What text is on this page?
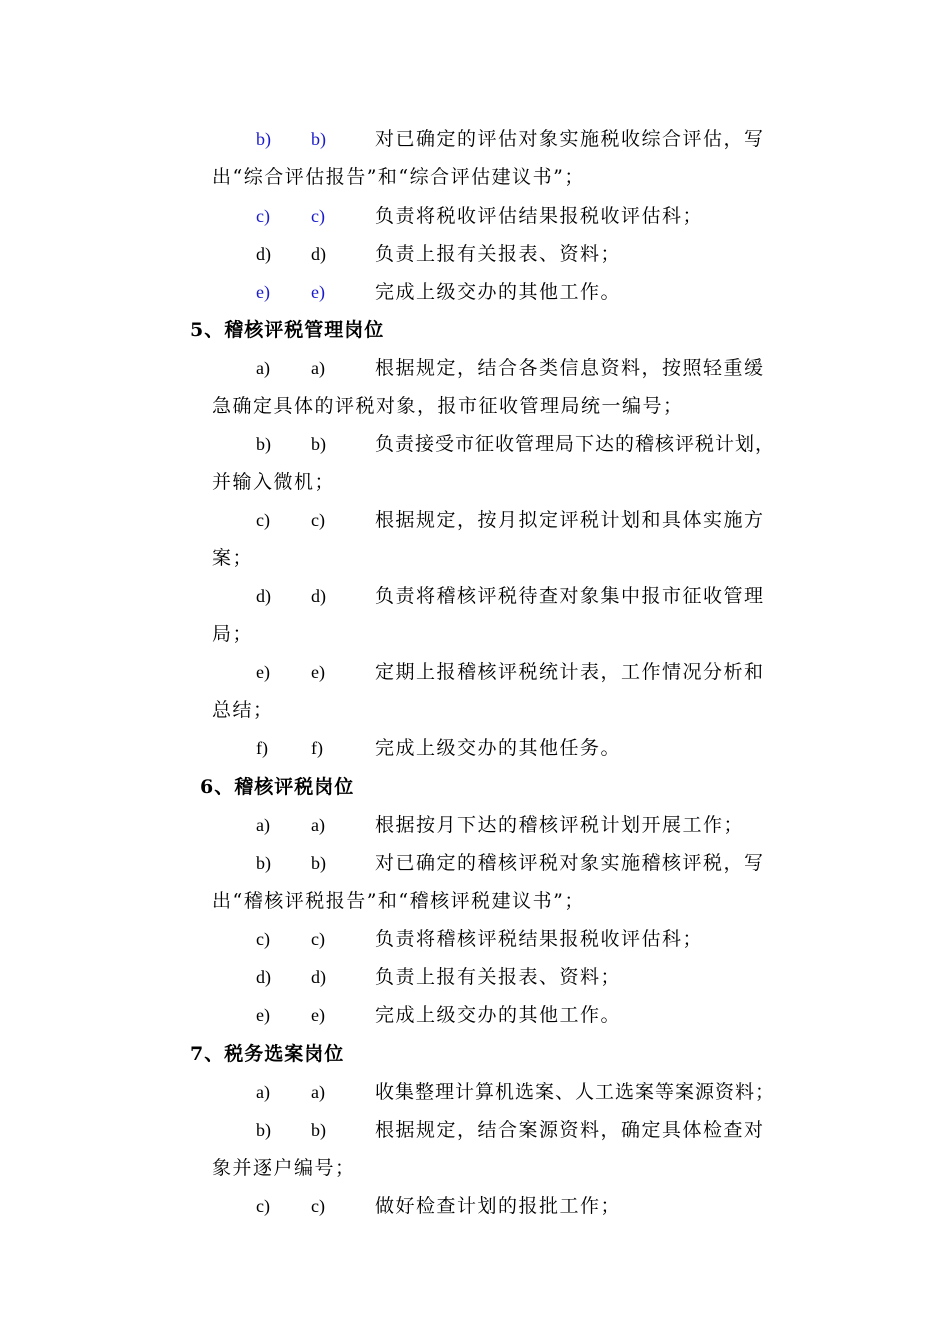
b) b)	对已确定的评估对象实施税收综合评估，写
出“综合评估报告”和“综合评估建议书”；
c) c)	负责将税收评估结果报税收评估科；
d) d)	负责上报有关报表、资料；
e) e)	完成上级交办的其他工作。
5、稽核评税管理岗位
a) a)	根据规定，结合各类信息资料，按照轻重缓
急确定具体的评税对象，报市征收管理局统一编号；
b) b)	负责接受市征收管理局下达的稽核评税计划，
并输入微机；
c) c)	根据规定，按月拟定评税计划和具体实施方
案；
d) d)	负责将稽核评税待查对象集中报市征收管理
局；
e) e)	定期上报稽核评税统计表，工作情况分析和
总结；
f) f)	完成上级交办的其他任务。
6、稽核评税岗位
a) a)	根据按月下达的稽核评税计划开展工作；
b) b)	对已确定的稽核评税对象实施稽核评税，写
出“稽核评税报告”和“稽核评税建议书”；
c) c)	负责将稽核评税结果报税收评估科；
d) d)	负责上报有关报表、资料；
e) e)	完成上级交办的其他工作。
7、税务选案岗位
a) a)	收集整理计算机选案、人工选案等案源资料；
b) b)	根据规定，结合案源资料，确定具体检查对
象并逐户编号；
c) c)	做好检查计划的报批工作；
